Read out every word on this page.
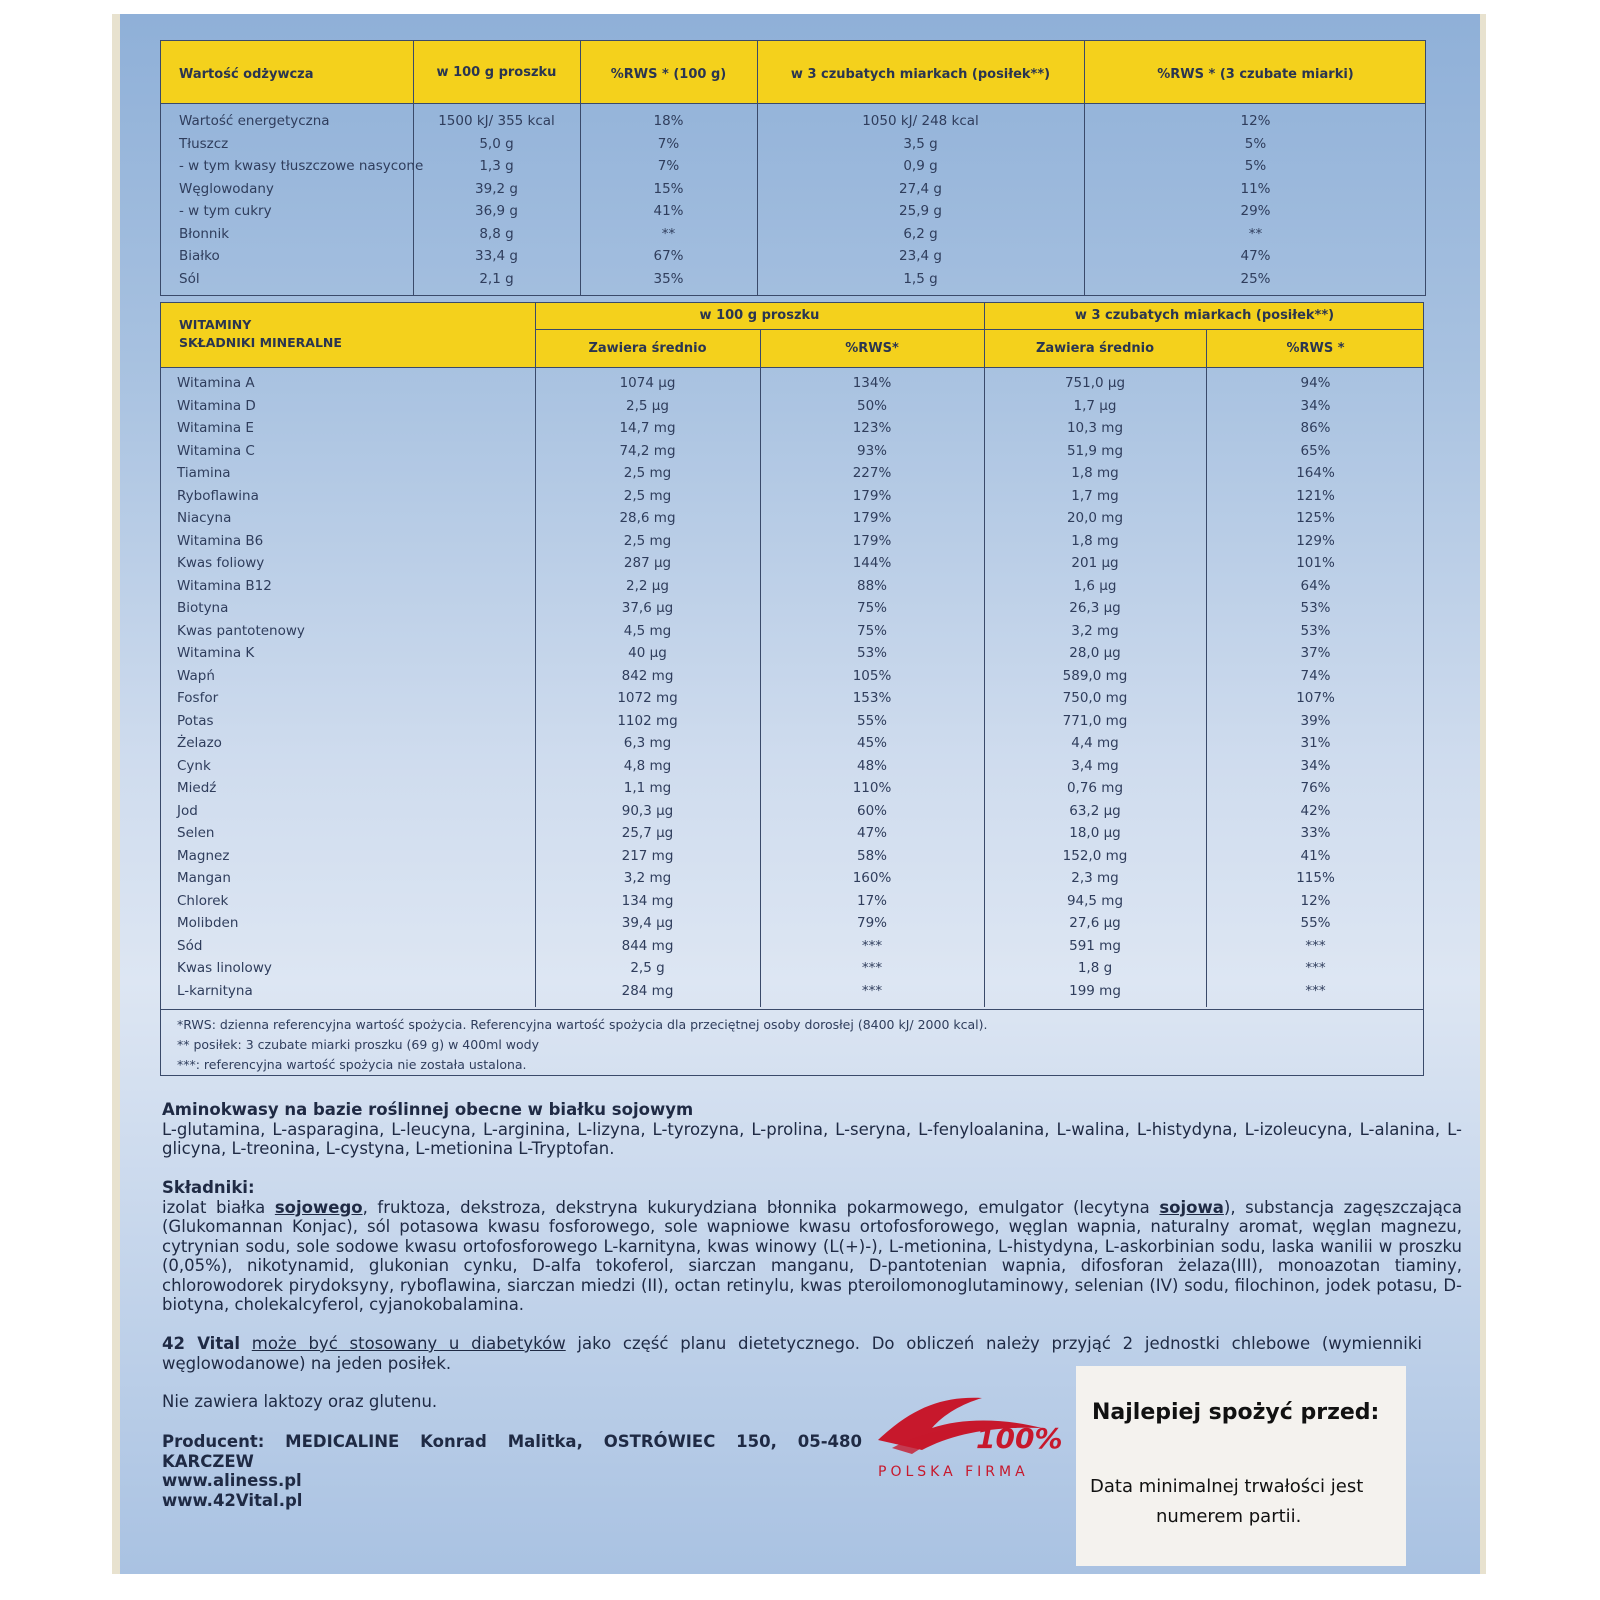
Wartość odżywcza	w 100 g proszku	%RWS * (100 g)	w 3 czubatych miarkach (posiłek**)	%RWS * (3 czubate miarki)
Wartość energetyczna	1500 kJ/ 355 kcal	18%	1050 kJ/ 248 kcal	12%
Tłuszcz	5,0 g	7%	3,5 g	5%
- w tym kwasy tłuszczowe nasycone	1,3 g	7%	0,9 g	5%
Węglowodany	39,2 g	15%	27,4 g	11%
- w tym cukry	36,9 g	41%	25,9 g	29%
Błonnik	8,8 g	**	6,2 g	**
Białko	33,4 g	67%	23,4 g	47%
Sól	2,1 g	35%	1,5 g	25%
WITAMINY
SKŁADNIKI MINERALNE
w 100 g proszku	w 3 czubatych miarkach (posiłek**)
Zawiera średnio	%RWS*	Zawiera średnio	%RWS *
Witamina A	1074 µg	134%	751,0 µg	94%
Witamina D	2,5 µg	50%	1,7 µg	34%
Witamina E	14,7 mg	123%	10,3 mg	86%
Witamina C	74,2 mg	93%	51,9 mg	65%
Tiamina	2,5 mg	227%	1,8 mg	164%
Ryboflawina	2,5 mg	179%	1,7 mg	121%
Niacyna	28,6 mg	179%	20,0 mg	125%
Witamina B6	2,5 mg	179%	1,8 mg	129%
Kwas foliowy	287 µg	144%	201 µg	101%
Witamina B12	2,2 µg	88%	1,6 µg	64%
Biotyna	37,6 µg	75%	26,3 µg	53%
Kwas pantotenowy	4,5 mg	75%	3,2 mg	53%
Witamina K	40 µg	53%	28,0 µg	37%
Wapń	842 mg	105%	589,0 mg	74%
Fosfor	1072 mg	153%	750,0 mg	107%
Potas	1102 mg	55%	771,0 mg	39%
Żelazo	6,3 mg	45%	4,4 mg	31%
Cynk	4,8 mg	48%	3,4 mg	34%
Miedź	1,1 mg	110%	0,76 mg	76%
Jod	90,3 µg	60%	63,2 µg	42%
Selen	25,7 µg	47%	18,0 µg	33%
Magnez	217 mg	58%	152,0 mg	41%
Mangan	3,2 mg	160%	2,3 mg	115%
Chlorek	134 mg	17%	94,5 mg	12%
Molibden	39,4 µg	79%	27,6 µg	55%
Sód	844 mg	***	591 mg	***
Kwas linolowy	2,5 g	***	1,8 g	***
L-karnityna	284 mg	***	199 mg	***
*RWS: dzienna referencyjna wartość spożycia. Referencyjna wartość spożycia dla przeciętnej osoby dorosłej (8400 kJ/ 2000 kcal).
** posiłek: 3 czubate miarki proszku (69 g) w 400ml wody
***: referencyjna wartość spożycia nie została ustalona.
Aminokwasy na bazie roślinnej obecne w białku sojowym
L-glutamina, L-asparagina, L-leucyna, L-arginina, L-lizyna, L-tyrozyna, L-prolina, L-seryna, L-fenyloalanina, L-walina, L-histydyna, L-izoleucyna, L-alanina, L-glicyna, L-treonina, L-cystyna, L-metionina L-Tryptofan.
Składniki:
izolat białka sojowego, fruktoza, dekstroza, dekstryna kukurydziana błonnika pokarmowego, emulgator (lecytyna sojowa), substancja zagęszczająca (Glukomannan Konjac), sól potasowa kwasu fosforowego, sole wapniowe kwasu ortofosforowego, węglan wapnia, naturalny aromat, węglan magnezu, cytrynian sodu, sole sodowe kwasu ortofosforowego L-karnityna, kwas winowy (L(+)-), L-metionina, L-histydyna, L-askorbinian sodu, laska wanilii w proszku (0,05%), nikotynamid, glukonian cynku, D-alfa tokoferol, siarczan manganu, D-pantotenian wapnia, difosforan żelaza(III), monoazotan tiaminy, chlorowodorek pirydoksyny, ryboflawina, siarczan miedzi (II), octan retinylu, kwas pteroilomonoglutaminowy, selenian (IV) sodu, filochinon, jodek potasu, D-biotyna, cholekalcyferol, cyjanokobalamina.
42 Vital może być stosowany u diabetyków jako część planu dietetycznego. Do obliczeń należy przyjąć 2 jednostki chlebowe (wymienniki węglowodanowe) na jeden posiłek.
Nie zawiera laktozy oraz glutenu.
Producent: MEDICALINE Konrad Malitka, OSTRÓWIEC 150, 05-480 KARCZEW
www.aliness.pl
www.42Vital.pl
100%
POLSKA FIRMA
Najlepiej spożyć przed:
Data minimalnej trwałości jest
numerem partii.
